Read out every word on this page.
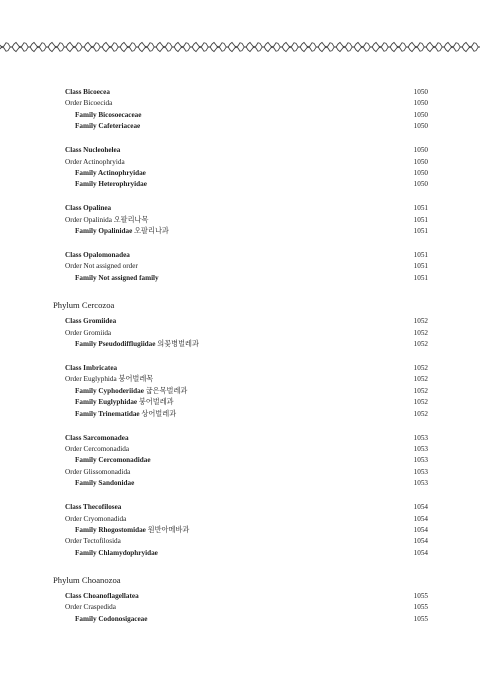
Class Bicoecea	1050
Order Bicoecida	1050
Family Bicosoecaceae	1050
Family Cafeteriaceae	1050
Class Nucleohelea	1050
Order Actinophryida	1050
Family Actinophryidae	1050
Family Heterophryidae	1050
Class Opalinea	1051
Order Opalinida 오팔리나목	1051
Family Opalinidae 오팔리나과	1051
Class Opalomonadea	1051
Order Not assigned order	1051
Family Not assigned family	1051
Phylum Cercozoa
Class Gromiidea	1052
Order Gromiida	1052
Family Pseudodifflugiidae 의꽃병벌레과	1052
Class Imbricatea	1052
Order Euglyphida 붕어벌레목	1052
Family Cyphoderiidae 굽은목벌레과	1052
Family Euglyphidae 붕어벌레과	1052
Family Trinematidae 상어벌레과	1052
Class Sarcomonadea	1053
Order Cercomonadida	1053
Family Cercomonadidae	1053
Order Glissomonadida	1053
Family Sandonidae	1053
Class Thecofilosea	1054
Order Cryomonadida	1054
Family Rhogostomidae 원반아메바과	1054
Order Tectofilosida	1054
Family Chlamydophryidae	1054
Phylum Choanozoa
Class Choanoflagellatea	1055
Order Craspedida	1055
Family Codonosigaceae	1055
